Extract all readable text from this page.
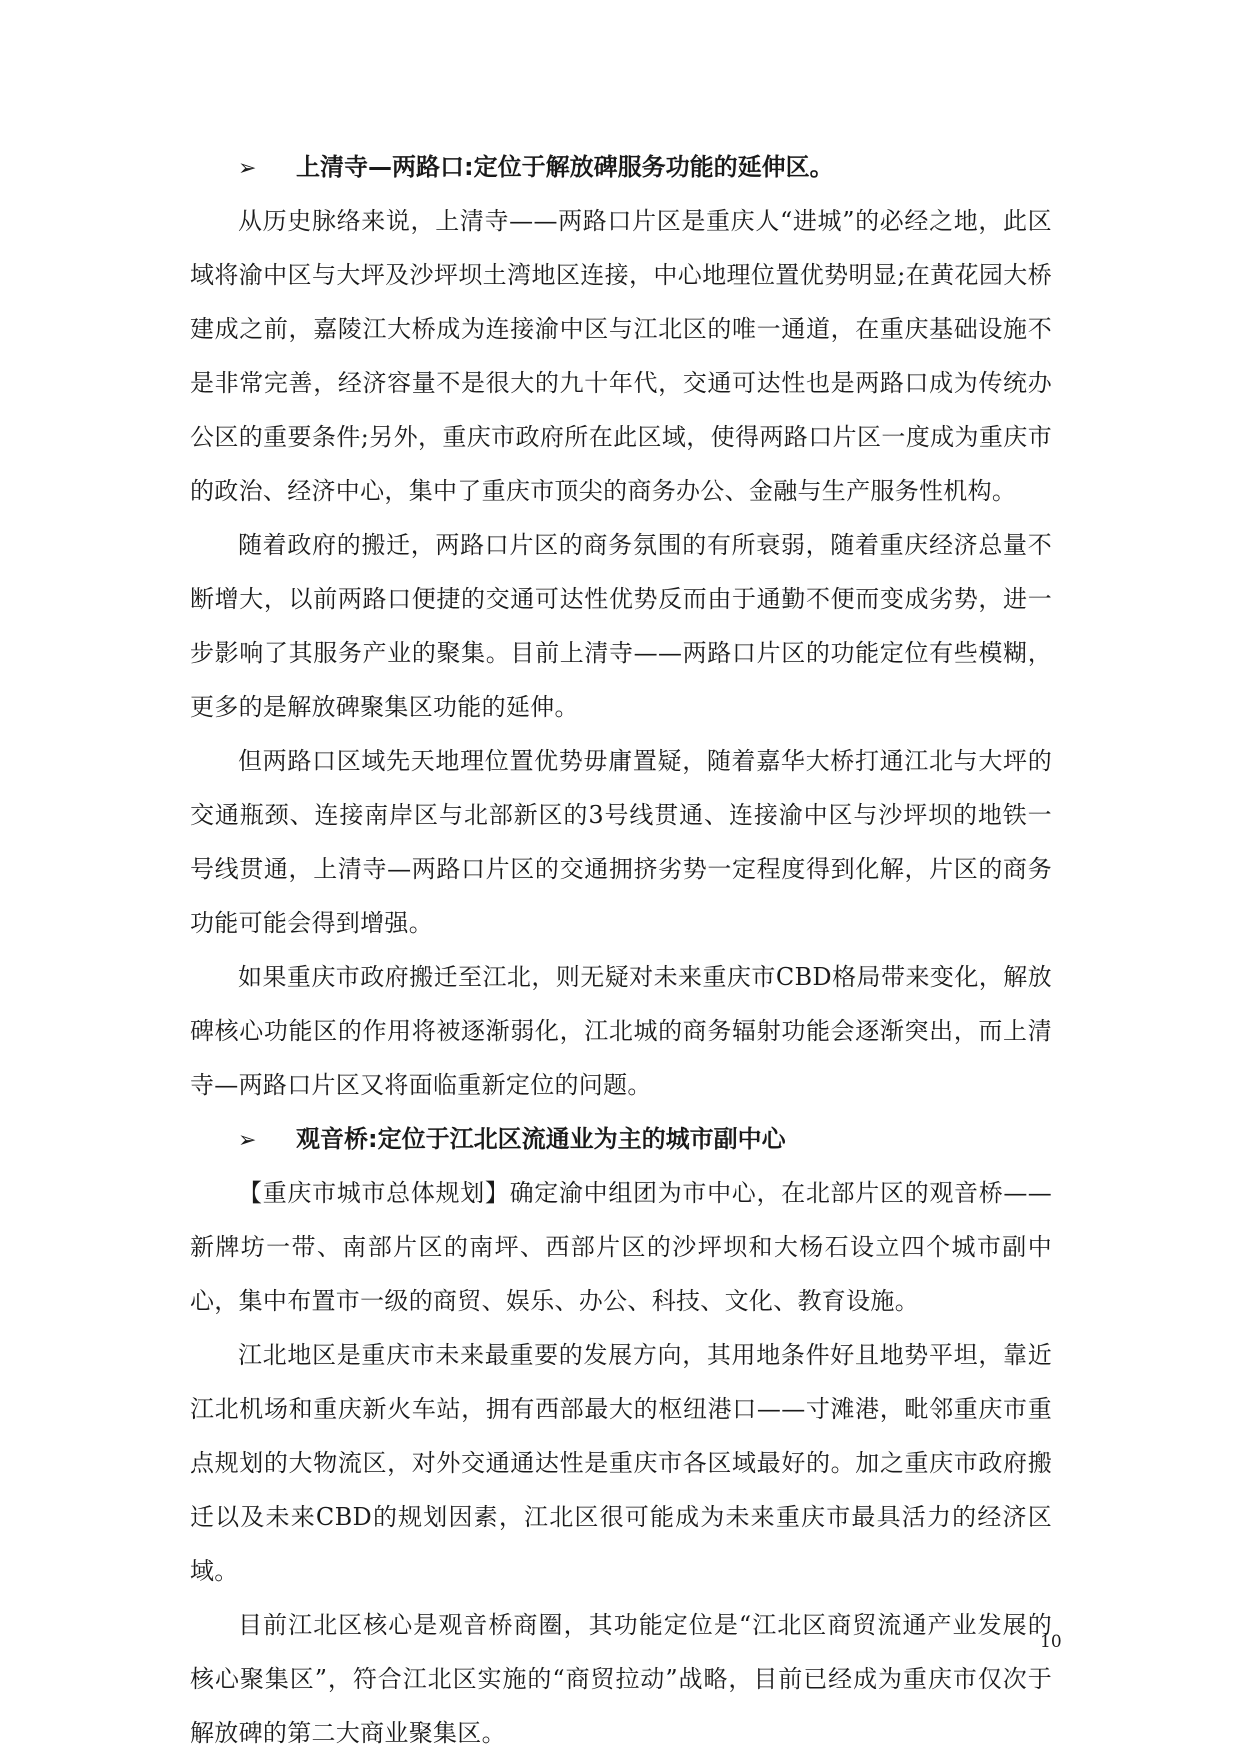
➢ 上清寺—两路口:定位于解放碑服务功能的延伸区。

从历史脉络来说，上清寺——两路口片区是重庆人“进城”的必经之地，此区域将渝中区与大坪及沙坪坝土湾地区连接，中心地理位置优势明显;在黄花园大桥建成之前，嘉陵江大桥成为连接渝中区与江北区的唯一通道，在重庆基础设施不是非常完善，经济容量不是很大的九十年代，交通可达性也是两路口成为传统办公区的重要条件;另外，重庆市政府所在此区域，使得两路口片区一度成为重庆市的政治、经济中心，集中了重庆市顶尖的商务办公、金融与生产服务性机构。

随着政府的搬迁，两路口片区的商务氛围的有所衰弱，随着重庆经济总量不断增大，以前两路口便捷的交通可达性优势反而由于通勤不便而变成劣势，进一步影响了其服务产业的聚集。目前上清寺——两路口片区的功能定位有些模糊，更多的是解放碑聚集区功能的延伸。

但两路口区域先天地理位置优势毋庸置疑，随着嘉华大桥打通江北与大坪的交通瓶颈、连接南岸区与北部新区的3号线贯通、连接渝中区与沙坪坝的地铁一号线贯通，上清寺—两路口片区的交通拥挤劣势一定程度得到化解，片区的商务功能可能会得到增强。

如果重庆市政府搬迁至江北，则无疑对未来重庆市CBD格局带来变化，解放碑核心功能区的作用将被逐渐弱化，江北城的商务辐射功能会逐渐突出，而上清寺—两路口片区又将面临重新定位的问题。

➢ 观音桥:定位于江北区流通业为主的城市副中心

【重庆市城市总体规划】确定渝中组团为市中心，在北部片区的观音桥——新牌坊一带、南部片区的南坪、西部片区的沙坪坝和大杨石设立四个城市副中心，集中布置市一级的商贸、娱乐、办公、科技、文化、教育设施。

江北地区是重庆市未来最重要的发展方向，其用地条件好且地势平坦，靠近江北机场和重庆新火车站，拥有西部最大的枢纽港口——寸滩港，毗邻重庆市重点规划的大物流区，对外交通通达性是重庆市各区域最好的。加之重庆市政府搬迁以及未来CBD的规划因素，江北区很可能成为未来重庆市最具活力的经济区域。

目前江北区核心是观音桥商圈，其功能定位是“江北区商贸流通产业发展的核心聚集区”，符合江北区实施的“商贸拉动”战略，目前已经成为重庆市仅次于解放碑的第二大商业聚集区。

10
